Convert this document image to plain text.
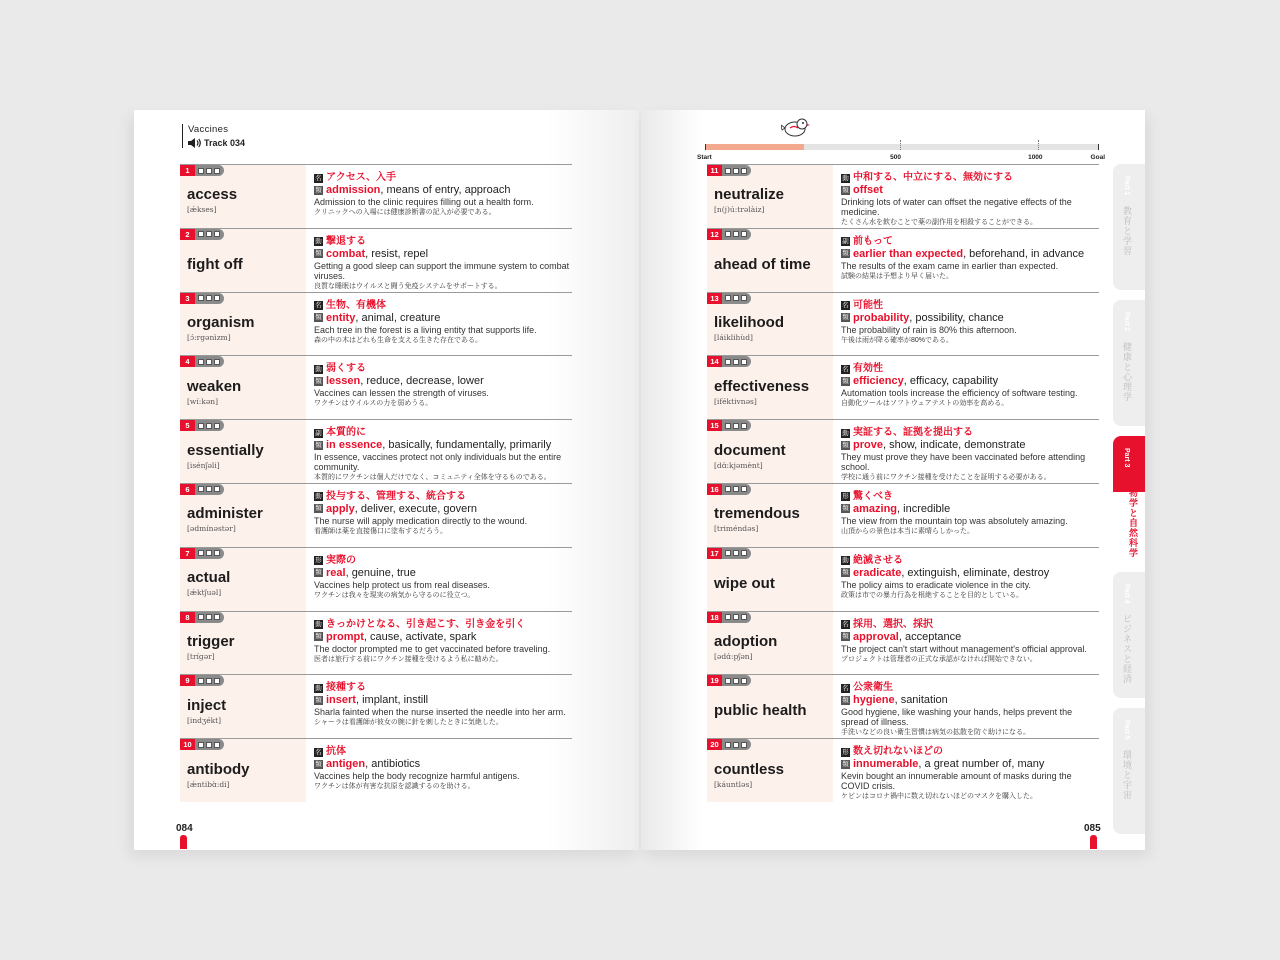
Vaccines
Track 034
1
access
[ǽkses]
名 アクセス、入手
類 admission, means of entry, approach
Admission to the clinic requires filling out a health form.
クリニックへの入場には健康診断書の記入が必要である。
2
fight off
動 撃退する
類 combat, resist, repel
Getting a good sleep can support the immune system to combat viruses.
良質な睡眠はウイルスと闘う免疫システムをサポートする。
3
organism
[ɔ́:rgənìzm]
名 生物、有機体
類 entity, animal, creature
Each tree in the forest is a living entity that supports life.
森の中の木はどれも生命を支える生きた存在である。
4
weaken
[wí:kən]
動 弱くする
類 lessen, reduce, decrease, lower
Vaccines can lessen the strength of viruses.
ワクチンはウイルスの力を弱めうる。
5
essentially
[isénʃəli]
副 本質的に
類 in essence, basically, fundamentally, primarily
In essence, vaccines protect not only individuals but the entire community.
本質的にワクチンは個人だけでなく、コミュニティ全体を守るものである。
6
administer
[ədmínəstər]
動 投与する、管理する、統合する
類 apply, deliver, execute, govern
The nurse will apply medication directly to the wound.
看護師は薬を直接傷口に塗布するだろう。
7
actual
[ǽktʃuəl]
形 実際の
類 real, genuine, true
Vaccines help protect us from real diseases.
ワクチンは我々を現実の病気から守るのに役立つ。
8
trigger
[trígər]
動 きっかけとなる、引き起こす、引き金を引く
類 prompt, cause, activate, spark
The doctor prompted me to get vaccinated before traveling.
医者は旅行する前にワクチン接種を受けるよう私に勧めた。
9
inject
[indʒékt]
動 接種する
類 insert, implant, instill
Sharla fainted when the nurse inserted the needle into her arm.
シャーラは看護師が彼女の腕に針を刺したときに気絶した。
10
antibody
[ǽntibɑ̀:di]
名 抗体
類 antigen, antibiotics
Vaccines help the body recognize harmful antigens.
ワクチンは体が有害な抗原を認識するのを助ける。
084
Start	500	1000	Goal
11
neutralize
[n(j)ú:trəlàiz]
動 中和する、中立にする、無効にする
類 offset
Drinking lots of water can offset the negative effects of the medicine.
たくさん水を飲むことで薬の副作用を相殺することができる。
12
ahead of time
副 前もって
類 earlier than expected, beforehand, in advance
The results of the exam came in earlier than expected.
試験の結果は予想より早く届いた。
13
likelihood
[láiklihùd]
名 可能性
類 probability, possibility, chance
The probability of rain is 80% this afternoon.
午後は雨が降る確率が80%である。
14
effectiveness
[iféktivnəs]
名 有効性
類 efficiency, efficacy, capability
Automation tools increase the efficiency of software testing.
自動化ツールはソフトウェアテストの効率を高める。
15
document
[dɑ́:kjəmènt]
動 実証する、証拠を提出する
類 prove, show, indicate, demonstrate
They must prove they have been vaccinated before attending school.
学校に通う前にワクチン接種を受けたことを証明する必要がある。
16
tremendous
[triméndəs]
形 驚くべき
類 amazing, incredible
The view from the mountain top was absolutely amazing.
山頂からの景色は本当に素晴らしかった。
17
wipe out
動 絶滅させる
類 eradicate, extinguish, eliminate, destroy
The policy aims to eradicate violence in the city.
政策は市での暴力行為を根絶することを目的としている。
18
adoption
[ədɑ́:pʃən]
名 採用、選択、採択
類 approval, acceptance
The project can't start without management's official approval.
プロジェクトは管理者の正式な承認がなければ開始できない。
19
public health
名 公衆衛生
類 hygiene, sanitation
Good hygiene, like washing your hands, helps prevent the spread of illness.
手洗いなどの良い衛生習慣は病気の拡散を防ぐ助けになる。
20
countless
[káuntləs]
形 数え切れないほどの
類 innumerable, a great number of, many
Kevin bought an innumerable amount of masks during the COVID crisis.
ケビンはコロナ禍中に数え切れないほどのマスクを購入した。
Part 1
教育と学習
Part 2
健康と心理学
Part 3
生物学と自然科学
Part 4
ビジネスと経済
Part 5
環境と宇宙
085
